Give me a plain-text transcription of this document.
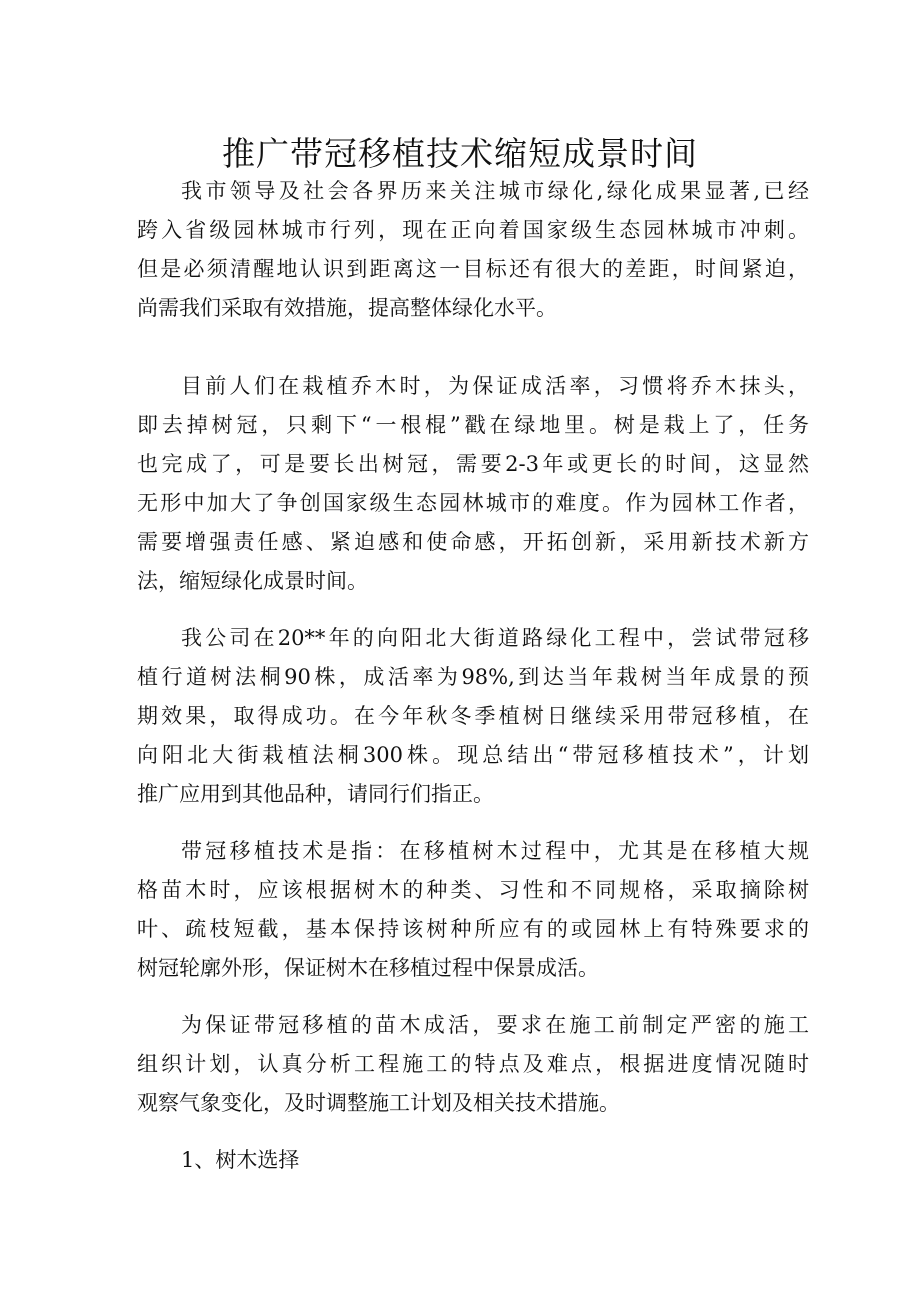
推广带冠移植技术缩短成景时间
我市领导及社会各界历来关注城市绿化,绿化成果显著,已经
跨入省级园林城市行列，现在正向着国家级生态园林城市冲刺。
但是必须清醒地认识到距离这一目标还有很大的差距，时间紧迫，
尚需我们采取有效措施，提高整体绿化水平。
目前人们在栽植乔木时，为保证成活率，习惯将乔木抹头，
即去掉树冠，只剩下“一根棍”戳在绿地里。树是栽上了，任务
也完成了，可是要长出树冠，需要2-3年或更长的时间，这显然
无形中加大了争创国家级生态园林城市的难度。作为园林工作者，
需要增强责任感、紧迫感和使命感，开拓创新，采用新技术新方
法，缩短绿化成景时间。
我公司在20**年的向阳北大街道路绿化工程中，尝试带冠移
植行道树法桐90株，成活率为98%,到达当年栽树当年成景的预
期效果，取得成功。在今年秋冬季植树日继续采用带冠移植，在
向阳北大街栽植法桐300株。现总结出“带冠移植技术”，计划
推广应用到其他品种，请同行们指正。
带冠移植技术是指：在移植树木过程中，尤其是在移植大规
格苗木时，应该根据树木的种类、习性和不同规格，采取摘除树
叶、疏枝短截，基本保持该树种所应有的或园林上有特殊要求的
树冠轮廓外形，保证树木在移植过程中保景成活。
为保证带冠移植的苗木成活，要求在施工前制定严密的施工
组织计划，认真分析工程施工的特点及难点，根据进度情况随时
观察气象变化，及时调整施工计划及相关技术措施。
1、树木选择
